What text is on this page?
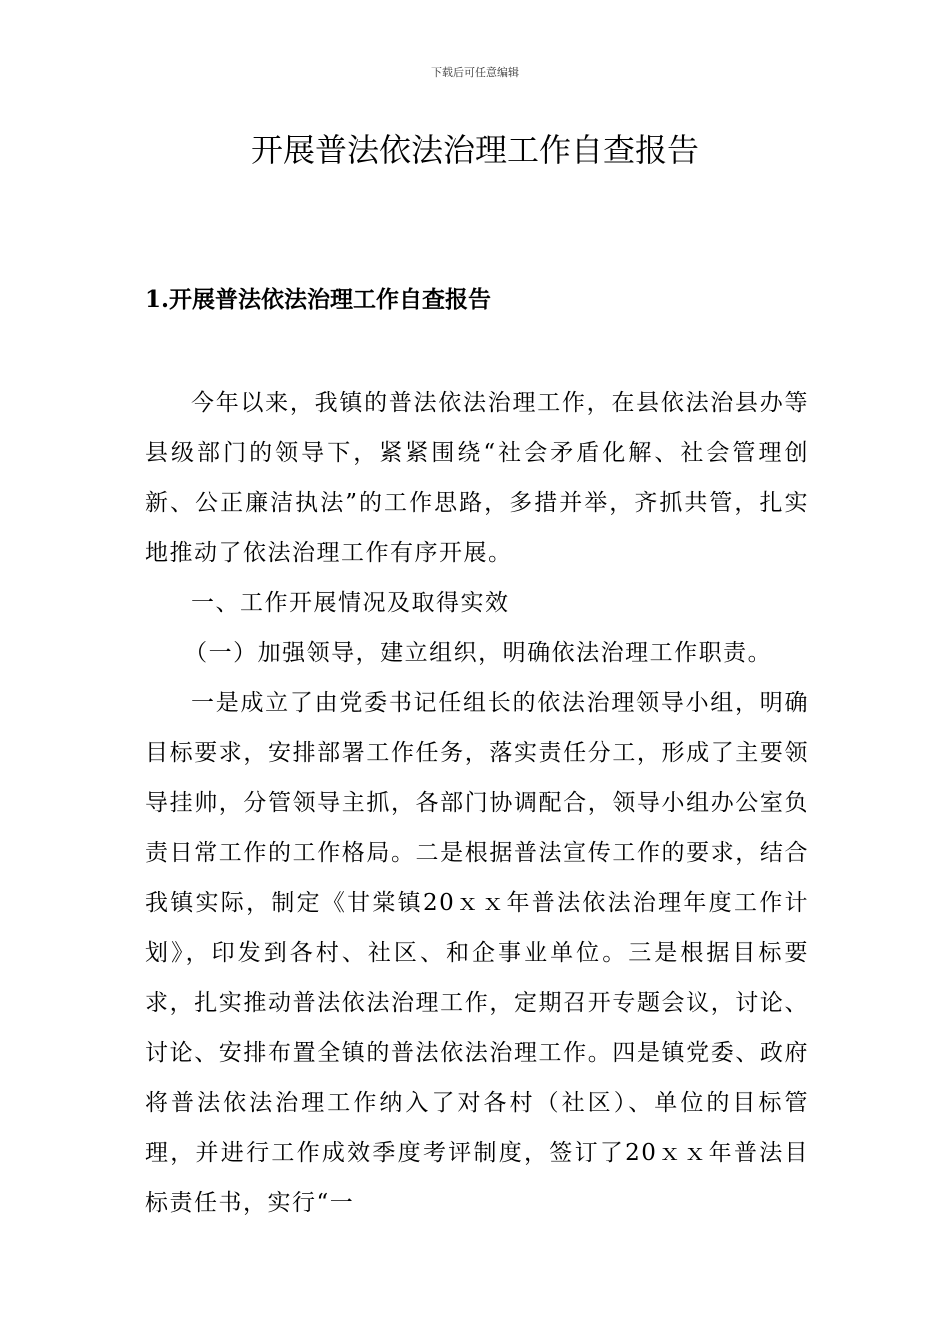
下载后可任意编辑
开展普法依法治理工作自查报告
1.开展普法依法治理工作自查报告

今年以来，我镇的普法依法治理工作，在县依法治县办等县级部门的领导下，紧紧围绕“社会矛盾化解、社会管理创新、公正廉洁执法”的工作思路，多措并举，齐抓共管，扎实地推动了依法治理工作有序开展。

一、工作开展情况及取得实效

（一）加强领导，建立组织，明确依法治理工作职责。

一是成立了由党委书记任组长的依法治理领导小组，明确目标要求，安排部署工作任务，落实责任分工，形成了主要领导挂帅，分管领导主抓，各部门协调配合，领导小组办公室负责日常工作的工作格局。二是根据普法宣传工作的要求，结合我镇实际，制定《甘棠镇20ｘｘ年普法依法治理年度工作计划》，印发到各村、社区、和企事业单位。三是根据目标要求，扎实推动普法依法治理工作，定期召开专题会议，讨论、讨论、安排布置全镇的普法依法治理工作。四是镇党委、政府将普法依法治理工作纳入了对各村（社区）、单位的目标管理，并进行工作成效季度考评制度，签订了20ｘｘ年普法目标责任书，实行“一
